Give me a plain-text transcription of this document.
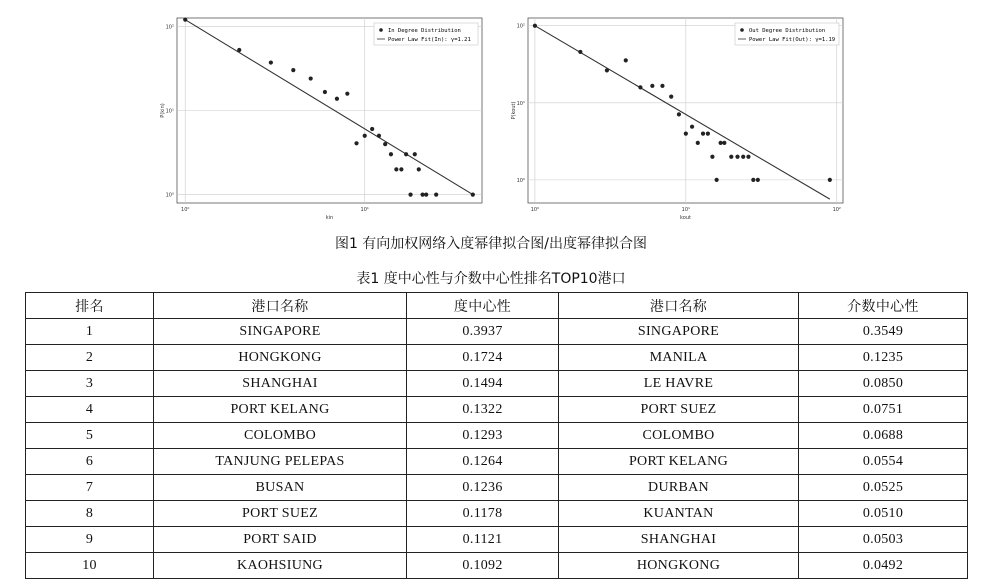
10⁰	10¹
10⁰
10¹
10²
kin
P(kin)
In Degree Distribution
Power Law Fit(In): γ=1.21
10⁰	10¹	10²
10⁰
10¹
10²
kout
P(kout)
Out Degree Distribution
Power Law Fit(Out): γ=1.19
图1 有向加权网络入度幂律拟合图/出度幂律拟合图
表1 度中心性与介数中心性排名TOP10港口
排名	港口名称	度中心性	港口名称	介数中心性
1	SINGAPORE	0.3937	SINGAPORE	0.3549
2	HONGKONG	0.1724	MANILA	0.1235
3	SHANGHAI	0.1494	LE HAVRE	0.0850
4	PORT KELANG	0.1322	PORT SUEZ	0.0751
5	COLOMBO	0.1293	COLOMBO	0.0688
6	TANJUNG PELEPAS	0.1264	PORT KELANG	0.0554
7	BUSAN	0.1236	DURBAN	0.0525
8	PORT SUEZ	0.1178	KUANTAN	0.0510
9	PORT SAID	0.1121	SHANGHAI	0.0503
10	KAOHSIUNG	0.1092	HONGKONG	0.0492
